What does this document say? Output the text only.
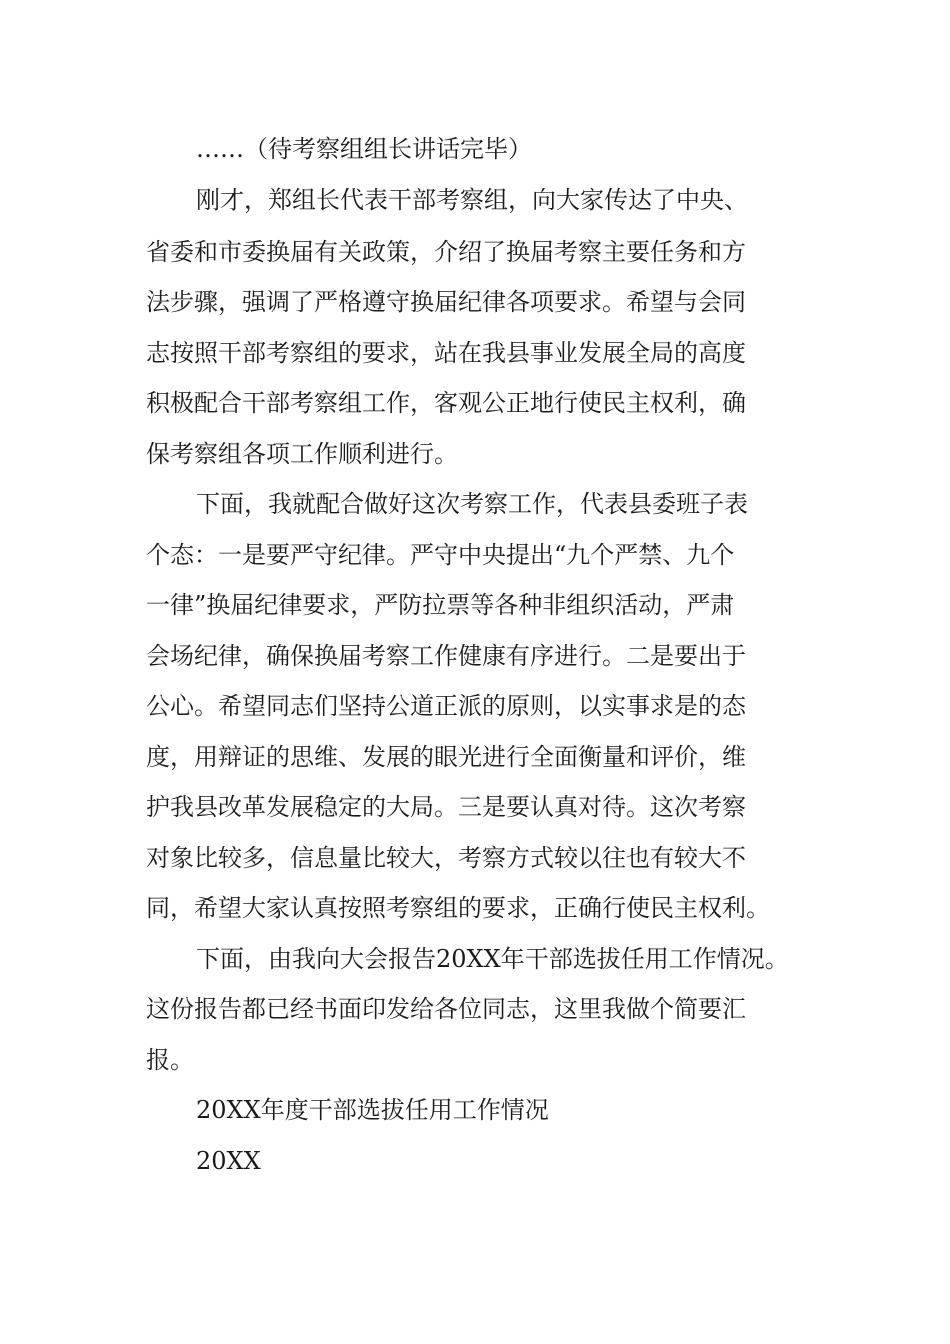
……（待考察组组长讲话完毕）

刚才，郑组长代表干部考察组，向大家传达了中央、

省委和市委换届有关政策，介绍了换届考察主要任务和方

法步骤，强调了严格遵守换届纪律各项要求。希望与会同

志按照干部考察组的要求，站在我县事业发展全局的高度

积极配合干部考察组工作，客观公正地行使民主权利，确

保考察组各项工作顺利进行。

下面，我就配合做好这次考察工作，代表县委班子表

个态：一是要严守纪律。严守中央提出“九个严禁、九个

一律”换届纪律要求，严防拉票等各种非组织活动，严肃

会场纪律，确保换届考察工作健康有序进行。二是要出于

公心。希望同志们坚持公道正派的原则，以实事求是的态

度，用辩证的思维、发展的眼光进行全面衡量和评价，维

护我县改革发展稳定的大局。三是要认真对待。这次考察

对象比较多，信息量比较大，考察方式较以往也有较大不

同，希望大家认真按照考察组的要求，正确行使民主权利。

下面，由我向大会报告20XX年干部选拔任用工作情况。

这份报告都已经书面印发给各位同志，这里我做个简要汇

报。

20XX年度干部选拔任用工作情况

20XX
